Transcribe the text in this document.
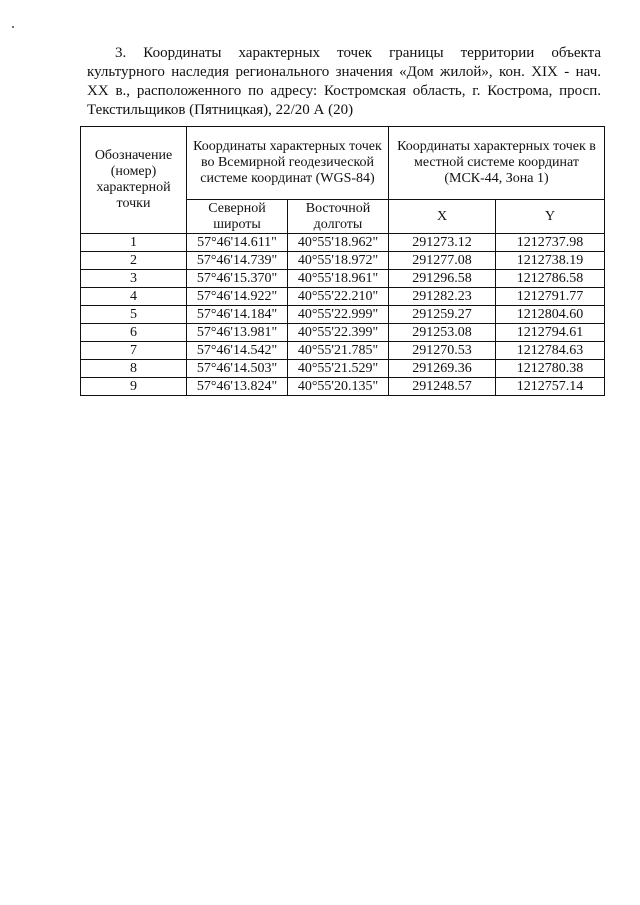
3. Координаты характерных точек границы территории объекта культурного наследия регионального значения «Дом жилой», кон. XIX - нач. XX в., расположенного по адресу: Костромская область, г. Кострома, просп. Текстильщиков (Пятницкая), 22/20 А (20)

Обозначение (номер) характерной точки	Координаты характерных точек во Всемирной геодезической системе координат (WGS-84)		Координаты характерных точек в местной системе координат (МСК-44, Зона 1)	
	Северной широты	Восточной долготы	X	Y
1	57°46'14.611"	40°55'18.962"	291273.12	1212737.98
2	57°46'14.739"	40°55'18.972"	291277.08	1212738.19
3	57°46'15.370"	40°55'18.961"	291296.58	1212786.58
4	57°46'14.922"	40°55'22.210"	291282.23	1212791.77
5	57°46'14.184"	40°55'22.999"	291259.27	1212804.60
6	57°46'13.981"	40°55'22.399"	291253.08	1212794.61
7	57°46'14.542"	40°55'21.785"	291270.53	1212784.63
8	57°46'14.503"	40°55'21.529"	291269.36	1212780.38
9	57°46'13.824"	40°55'20.135"	291248.57	1212757.14
